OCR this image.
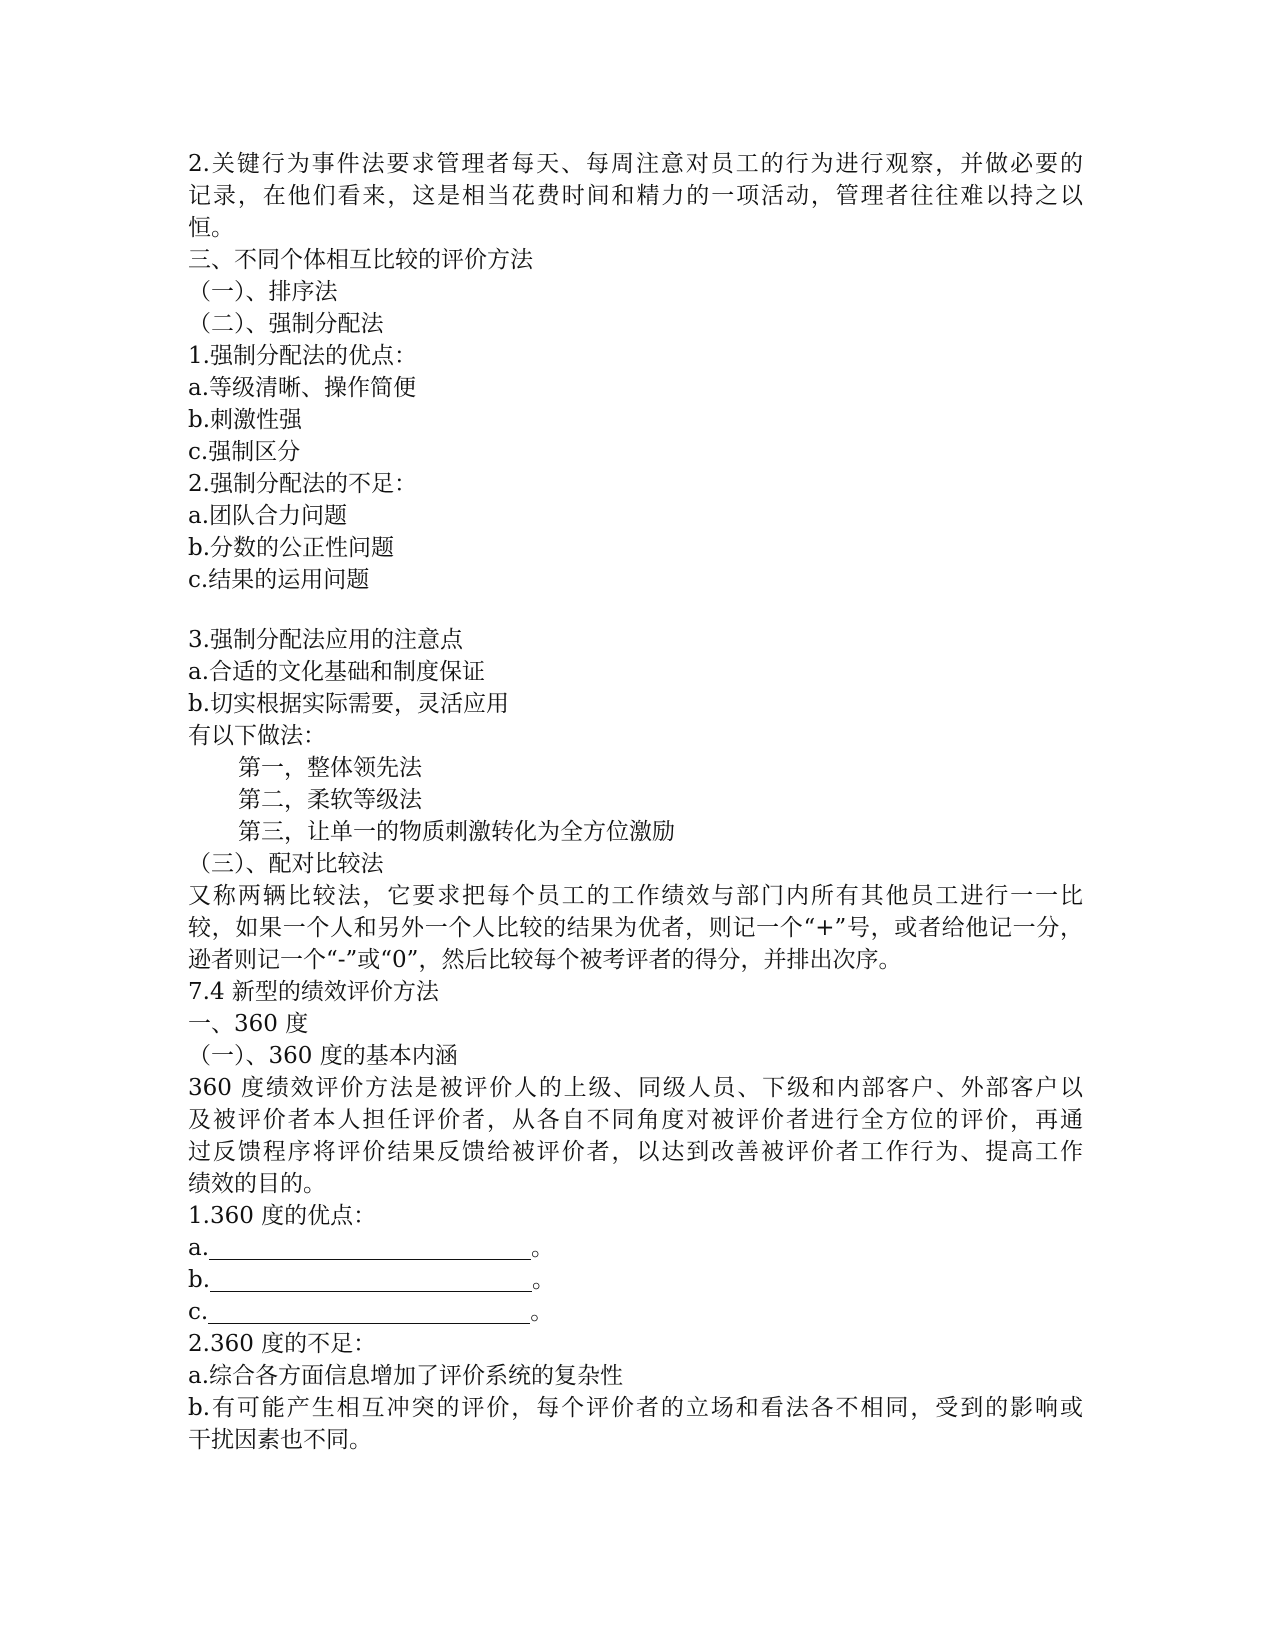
2.关键行为事件法要求管理者每天、每周注意对员工的行为进行观察，并做必要的
记录，在他们看来，这是相当花费时间和精力的一项活动，管理者往往难以持之以
恒。
三、不同个体相互比较的评价方法
（一）、排序法
（二）、强制分配法
1.强制分配法的优点：
a.等级清晰、操作简便
b.刺激性强
c.强制区分
2.强制分配法的不足：
a.团队合力问题
b.分数的公正性问题
c.结果的运用问题
3.强制分配法应用的注意点
a.合适的文化基础和制度保证
b.切实根据实际需要，灵活应用
有以下做法：
第一，整体领先法
第二，柔软等级法
第三，让单一的物质刺激转化为全方位激励
（三）、配对比较法
又称两辆比较法，它要求把每个员工的工作绩效与部门内所有其他员工进行一一比
较，如果一个人和另外一个人比较的结果为优者，则记一个“+”号，或者给他记一分，
逊者则记一个“-”或“0”，然后比较每个被考评者的得分，并排出次序。
7.4 新型的绩效评价方法
一、360 度
（一）、360 度的基本内涵
360 度绩效评价方法是被评价人的上级、同级人员、下级和内部客户、外部客户以
及被评价者本人担任评价者，从各自不同角度对被评价者进行全方位的评价，再通
过反馈程序将评价结果反馈给被评价者，以达到改善被评价者工作行为、提高工作
绩效的目的。
1.360 度的优点：
a.	。
b.	。
c.	。
2.360 度的不足：
a.综合各方面信息增加了评价系统的复杂性
b.有可能产生相互冲突的评价，每个评价者的立场和看法各不相同，受到的影响或
干扰因素也不同。
